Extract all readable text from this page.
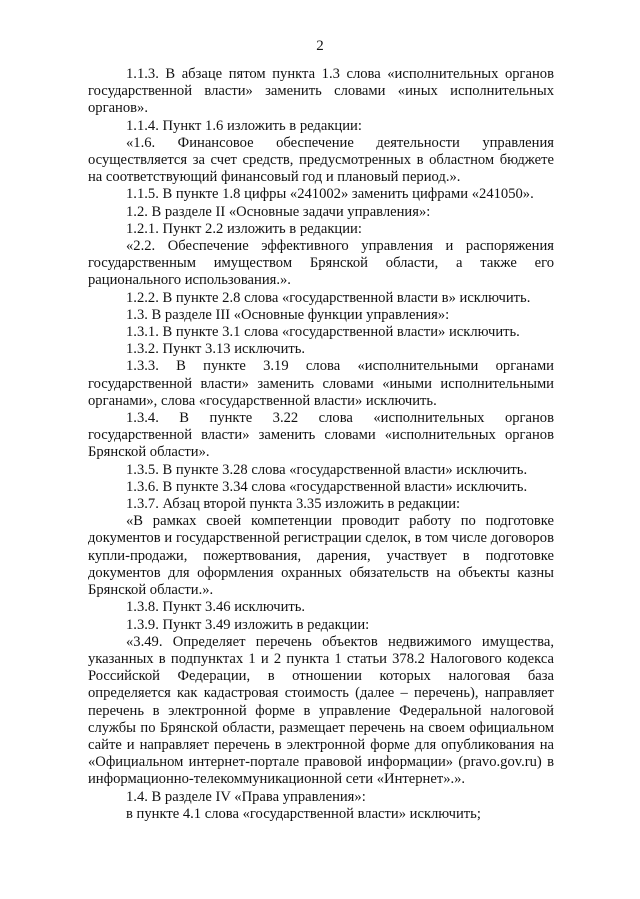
2

1.1.3. В абзаце пятом пункта 1.3 слова «исполнительных органов государственной власти» заменить словами «иных исполнительных органов».

1.1.4. Пункт 1.6 изложить в редакции:

«1.6. Финансовое обеспечение деятельности управления осуществляется за счет средств, предусмотренных в областном бюджете на соответствующий финансовый год и плановый период.».

1.1.5. В пункте 1.8 цифры «241002» заменить цифрами «241050».

1.2. В разделе II «Основные задачи управления»:

1.2.1. Пункт 2.2 изложить в редакции:

«2.2. Обеспечение эффективного управления и распоряжения государственным имуществом Брянской области, а также его рационального использования.».

1.2.2. В пункте 2.8 слова «государственной власти в» исключить.

1.3. В разделе III «Основные функции управления»:

1.3.1. В пункте 3.1 слова «государственной власти» исключить.

1.3.2. Пункт 3.13 исключить.

1.3.3. В пункте 3.19 слова «исполнительными органами государственной власти» заменить словами «иными исполнительными органами», слова «государственной власти» исключить.

1.3.4. В пункте 3.22 слова «исполнительных органов государственной власти» заменить словами «исполнительных органов Брянской области».

1.3.5. В пункте 3.28 слова «государственной власти» исключить.

1.3.6. В пункте 3.34 слова «государственной власти» исключить.

1.3.7. Абзац второй пункта 3.35 изложить в редакции:

«В рамках своей компетенции проводит работу по подготовке документов и государственной регистрации сделок, в том числе договоров купли-продажи, пожертвования, дарения, участвует в подготовке документов для оформления охранных обязательств на объекты казны Брянской области.».

1.3.8. Пункт 3.46 исключить.

1.3.9. Пункт 3.49 изложить в редакции:

«3.49. Определяет перечень объектов недвижимого имущества, указанных в подпунктах 1 и 2 пункта 1 статьи 378.2 Налогового кодекса Российской Федерации, в отношении которых налоговая база определяется как кадастровая стоимость (далее – перечень), направляет перечень в электронной форме в управление Федеральной налоговой службы по Брянской области, размещает перечень на своем официальном сайте и направляет перечень в электронной форме для опубликования на «Официальном интернет-портале правовой информации» (pravo.gov.ru) в информационно-телекоммуникационной сети «Интернет».».

1.4. В разделе IV «Права управления»:

в пункте 4.1 слова «государственной власти» исключить;
